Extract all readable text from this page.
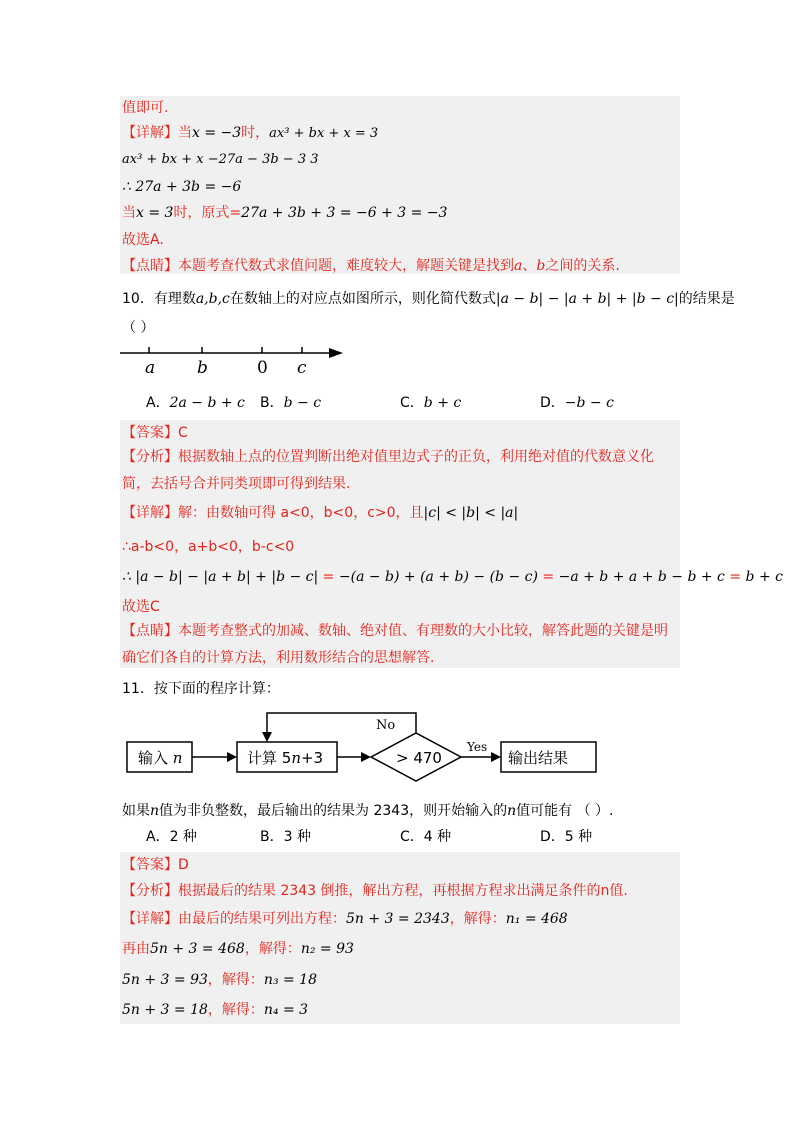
值即可.
【详解】当x = −3时，ax³ + bx + x = 3
ax³ + bx + x −27a − 3b − 3 3
∴ 27a + 3b = −6
当x = 3时，原式=27a + 3b + 3 = −6 + 3 = −3
故选A.
【点睛】本题考查代数式求值问题，难度较大，解题关键是找到a、b之间的关系.
10．有理数a,b,c在数轴上的对应点如图所示，则化简代数式|a − b| − |a + b| + |b − c|的结果是
（ ）
a b	0 c
A．2a − b + c B．b − c	C．b + c	D．−b − c
【答案】C
【分析】根据数轴上点的位置判断出绝对值里边式子的正负，利用绝对值的代数意义化简，去括号合并同类项即可得到结果.
【详解】解：由数轴可得 a<0，b<0，c>0，且|c| < |b| < |a|
∴a-b<0，a+b<0，b-c<0
∴ |a − b| − |a + b| + |b − c| = −(a − b) + (a + b) − (b − c) = −a + b + a + b − b + c = b + c
故选C
【点睛】本题考查整式的加减、数轴、绝对值、有理数的大小比较，解答此题的关键是明确它们各自的计算方法，利用数形结合的思想解答.
11．按下面的程序计算：
输入 n	计算 5n+3	> 470
No
Yes
输出结果
如果n值为非负整数，最后输出的结果为 2343，则开始输入的n值可能有 （ ）.
A．2 种	B．3 种	C．4 种	D．5 种
【答案】D
【分析】根据最后的结果 2343 倒推，解出方程，再根据方程求出满足条件的n值.
【详解】由最后的结果可列出方程：5n + 3 = 2343，解得：n₁ = 468
再由5n + 3 = 468，解得：n₂ = 93
5n + 3 = 93，解得：n₃ = 18
5n + 3 = 18，解得：n₄ = 3
